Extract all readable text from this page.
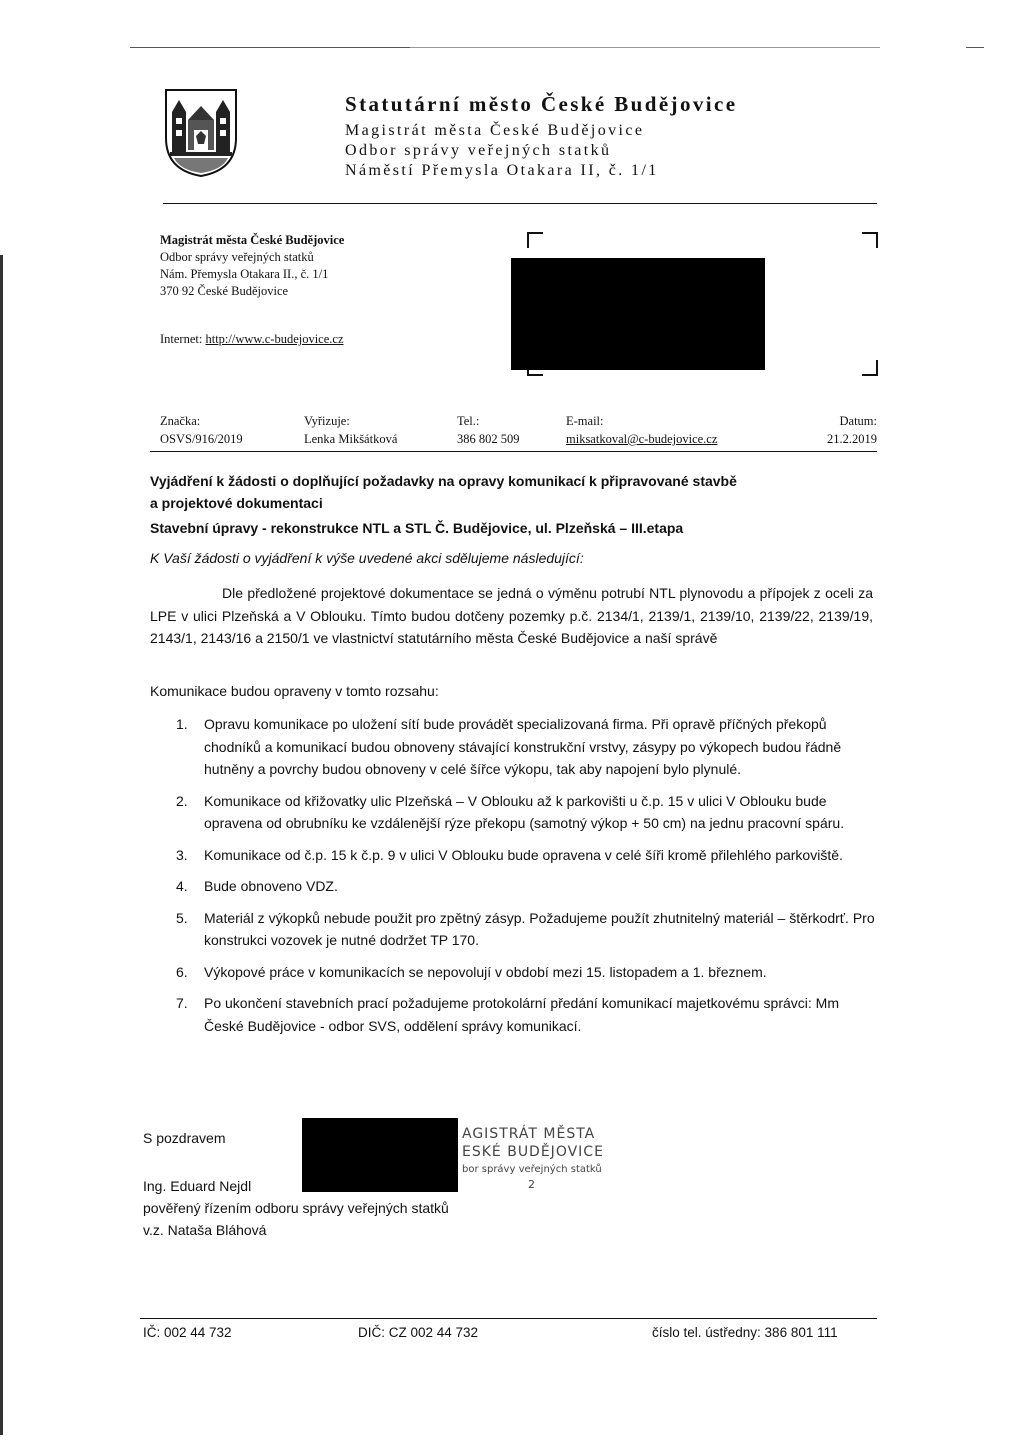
Statutární město České Budějovice
Magistrát města České Budějovice
Odbor správy veřejných statků
Náměstí Přemysla Otakara II, č. 1/1
Magistrát města České Budějovice
Odbor správy veřejných statků
Nám. Přemysla Otakara II., č. 1/1
370 92 České Budějovice
Internet: http://www.c-budejovice.cz
Značka:
OSVS/916/2019
Vyřizuje:
Lenka Mikšátková
Tel.:
386 802 509
E-mail:
miksatkoval@c-budejovice.cz
Datum:
21.2.2019
Vyjádření k žádosti o doplňující požadavky na opravy komunikací k připravované stavbě
a projektové dokumentaci
Stavební úpravy - rekonstrukce NTL a STL Č. Budějovice, ul. Plzeňská – III.etapa
K Vaší žádosti o vyjádření k výše uvedené akci sdělujeme následující:
Dle předložené projektové dokumentace se jedná o výměnu potrubí NTL plynovodu a přípojek z oceli za LPE v ulici Plzeňská a V Oblouku. Tímto budou dotčeny pozemky p.č. 2134/1, 2139/1, 2139/10, 2139/22, 2139/19, 2143/1, 2143/16 a 2150/1 ve vlastnictví statutárního města České Budějovice a naší správě
Komunikace budou opraveny v tomto rozsahu:
1. Opravu komunikace po uložení sítí bude provádět specializovaná firma. Při opravě příčných překopů chodníků a komunikací budou obnoveny stávající konstrukční vrstvy, zásypy po výkopech budou řádně hutněny a povrchy budou obnoveny v celé šířce výkopu, tak aby napojení bylo plynulé.
2. Komunikace od křižovatky ulic Plzeňská – V Oblouku až k parkovišti u č.p. 15 v ulici V Oblouku bude opravena od obrubníku ke vzdálenější rýze překopu (samotný výkop + 50 cm) na jednu pracovní spáru.
3. Komunikace od č.p. 15 k č.p. 9 v ulici V Oblouku bude opravena v celé šíři kromě přilehlého parkoviště.
4. Bude obnoveno VDZ.
5. Materiál z výkopků nebude použit pro zpětný zásyp. Požadujeme použít zhutnitelný materiál – štěrkodrť. Pro konstrukci vozovek je nutné dodržet TP 170.
6. Výkopové práce v komunikacích se nepovolují v období mezi 15. listopadem a 1. březnem.
7. Po ukončení stavebních prací požadujeme protokolární předání komunikací majetkovému správci: Mm České Budějovice - odbor SVS, oddělení správy komunikací.
S pozdravem	AGISTRÁT MĚSTA
ESKÉ BUDĚJOVICE
bor správy veřejných statků
2
Ing. Eduard Nejdl
pověřený řízením odboru správy veřejných statků
v.z. Nataša Bláhová
IČ: 002 44 732	DIČ: CZ 002 44 732	číslo tel. ústředny: 386 801 111
